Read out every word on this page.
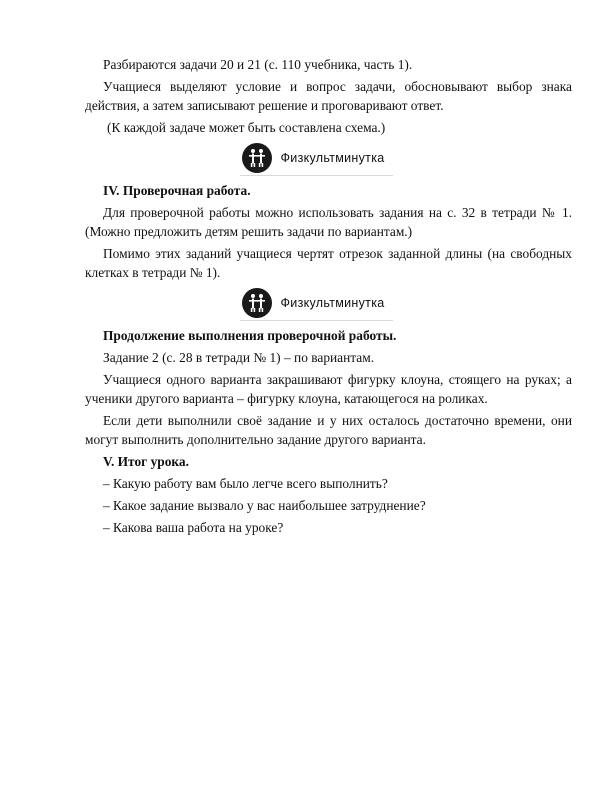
Разбираются задачи 20 и 21 (с. 110 учебника, часть 1).

Учащиеся выделяют условие и вопрос задачи, обосновывают выбор знака действия, а затем записывают решение и проговаривают ответ.

(К каждой задаче может быть составлена схема.)

Физкультминутка

IV. Проверочная работа.

Для проверочной работы можно использовать задания на с. 32 в тетради № 1. (Можно предложить детям решить задачи по вариантам.)

Помимо этих заданий учащиеся чертят отрезок заданной длины (на свободных клетках в тетради № 1).

Физкультминутка

Продолжение выполнения проверочной работы.

Задание 2 (с. 28 в тетради № 1) – по вариантам.

Учащиеся одного варианта закрашивают фигурку клоуна, стоящего на руках; а ученики другого варианта – фигурку клоуна, катающегося на роликах.

Если дети выполнили своё задание и у них осталось достаточно времени, они могут выполнить дополнительно задание другого варианта.

V. Итог урока.

– Какую работу вам было легче всего выполнить?

– Какое задание вызвало у вас наибольшее затруднение?

– Какова ваша работа на уроке?
